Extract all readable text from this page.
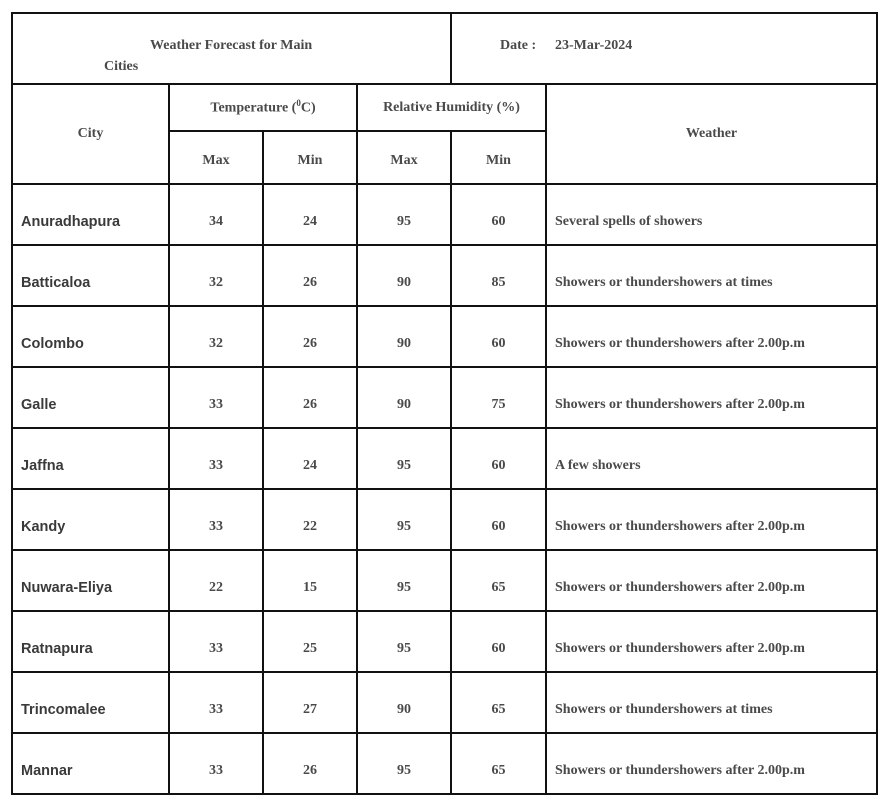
Weather Forecast for Main
Cities				Date : 23-Mar-2024	

City	Temperature ($^0$C)		Relative Humidity (%)		Weather
	Max	Min	Max	Min	
Anuradhapura	34	24	95	60	Several spells of showers
Batticaloa	32	26	90	85	Showers or thundershowers at times
Colombo	32	26	90	60	Showers or thundershowers after 2.00p.m
Galle	33	26	90	75	Showers or thundershowers after 2.00p.m
Jaffna	33	24	95	60	A few showers
Kandy	33	22	95	60	Showers or thundershowers after 2.00p.m
Nuwara-Eliya	22	15	95	65	Showers or thundershowers after 2.00p.m
Ratnapura	33	25	95	60	Showers or thundershowers after 2.00p.m
Trincomalee	33	27	90	65	Showers or thundershowers at times
Mannar	33	26	95	65	Showers or thundershowers after 2.00p.m
